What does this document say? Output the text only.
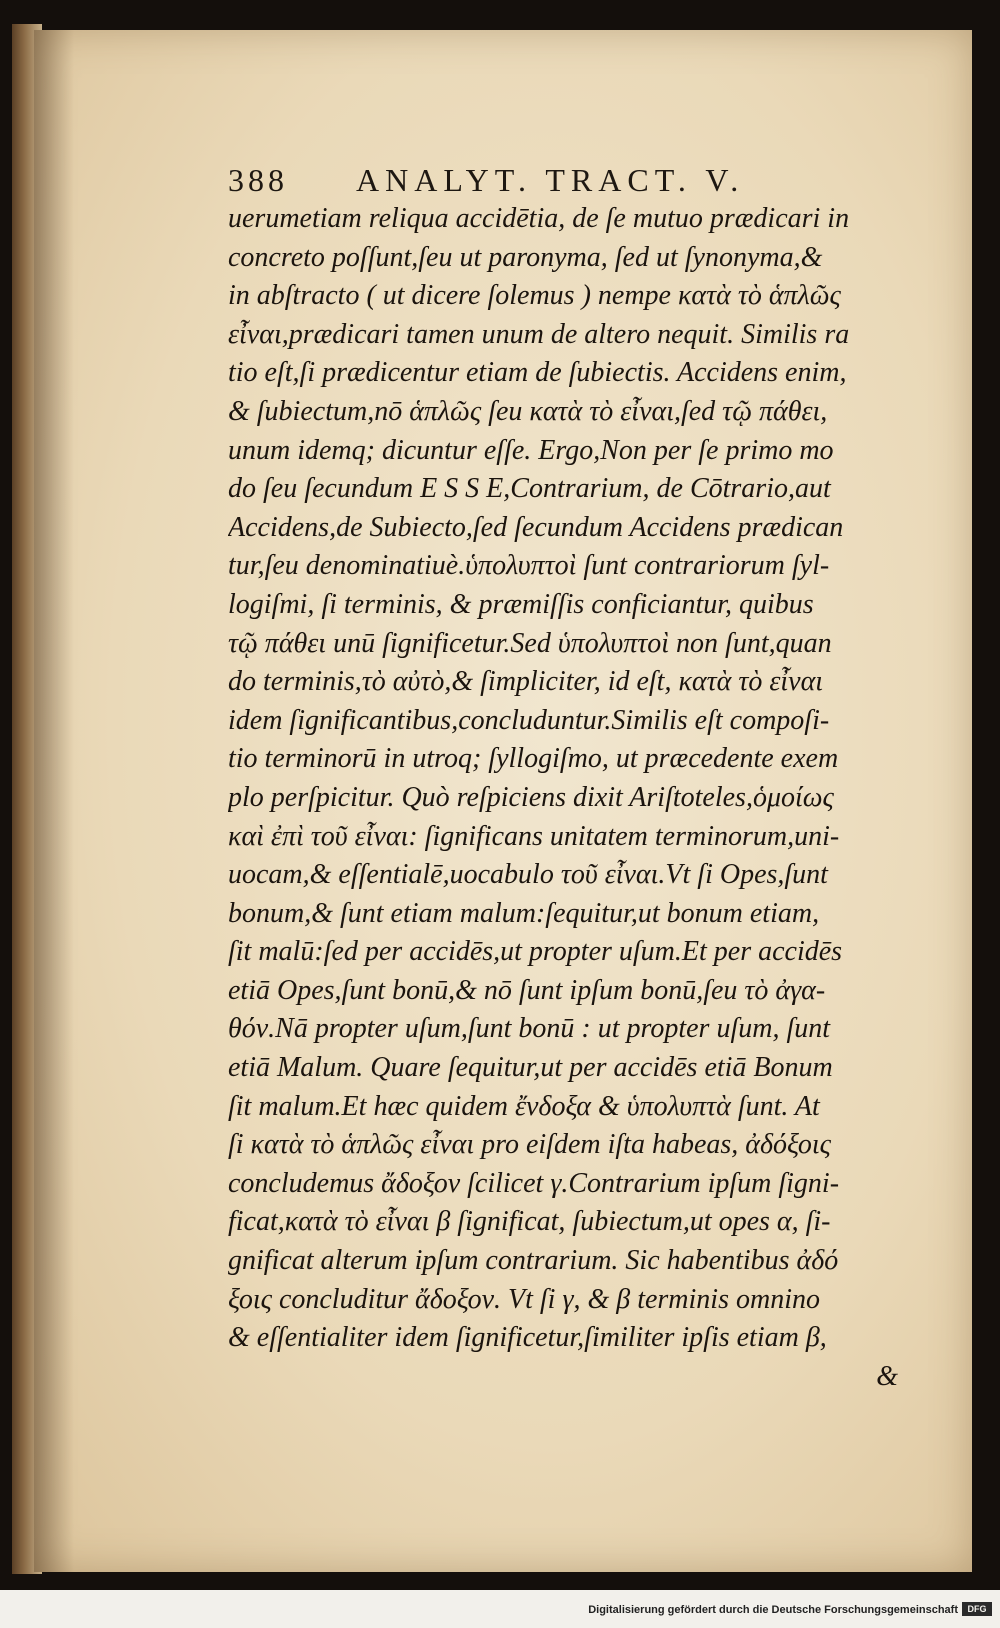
388 ANALYT. TRACT. V.
uerumetiam reliqua accidētia, de ſe mutuo prædicari in
concreto poſſunt,ſeu ut paronyma, ſed ut ſynonyma,&
in abſtracto ( ut dicere ſolemus ) nempe κατὰ τὸ ἁπλῶς
εἶναι,prædicari tamen unum de altero nequit. Similis ra
tio eſt,ſi prædicentur etiam de ſubiectis. Accidens enim,
& ſubiectum,nō ἁπλῶς ſeu κατὰ τὸ εἶναι,ſed τῷ πάθει,
unum idemq; dicuntur eſſe. Ergo,Non per ſe primo mo
do ſeu ſecundum E S S E,Contrarium, de Cōtrario,aut
Accidens,de Subiecto,ſed ſecundum Accidens prædican
tur,ſeu denominatiuè.ὑπολυπτοὶ ſunt contrariorum ſyl-
logiſmi, ſi terminis, & præmiſſis conficiantur, quibus
τῷ πάθει unū ſignificetur.Sed ὑπολυπτοὶ non ſunt,quan
do terminis,τὸ αὐτὸ,& ſimpliciter, id eſt, κατὰ τὸ εἶναι
idem ſignificantibus,concluduntur.Similis eſt compoſi-
tio terminorū in utroq; ſyllogiſmo, ut præcedente exem
plo perſpicitur. Quò reſpiciens dixit Ariſtoteles,ὁμοίως
καὶ ἐπὶ τοῦ εἶναι: ſignificans unitatem terminorum,uni-
uocam,& eſſentialē,uocabulo τοῦ εἶναι.Vt ſi Opes,ſunt
bonum,& ſunt etiam malum:ſequitur,ut bonum etiam,
ſit malū:ſed per accidēs,ut propter uſum.Et per accidēs
etiā Opes,ſunt bonū,& nō ſunt ipſum bonū,ſeu τὸ ἀγα-
θόν.Nā propter uſum,ſunt bonū : ut propter uſum, ſunt
etiā Malum. Quare ſequitur,ut per accidēs etiā Bonum
ſit malum.Et hæc quidem ἔνδοξα & ὑπολυπτὰ ſunt. At
ſi κατὰ τὸ ἁπλῶς εἶναι pro eiſdem iſta habeas, ἀδόξοις
concludemus ἄδοξον ſcilicet γ.Contrarium ipſum ſigni-
ficat,κατὰ τὸ εἶναι β ſignificat, ſubiectum,ut opes α, ſi-
gnificat alterum ipſum contrarium. Sic habentibus ἀδό
ξοις concluditur ἄδοξον. Vt ſi γ, & β terminis omnino
& eſſentialiter idem ſignificetur,ſimiliter ipſis etiam β,
&
Digitalisierung gefördert durch die Deutsche Forschungsgemeinschaft	DFG
